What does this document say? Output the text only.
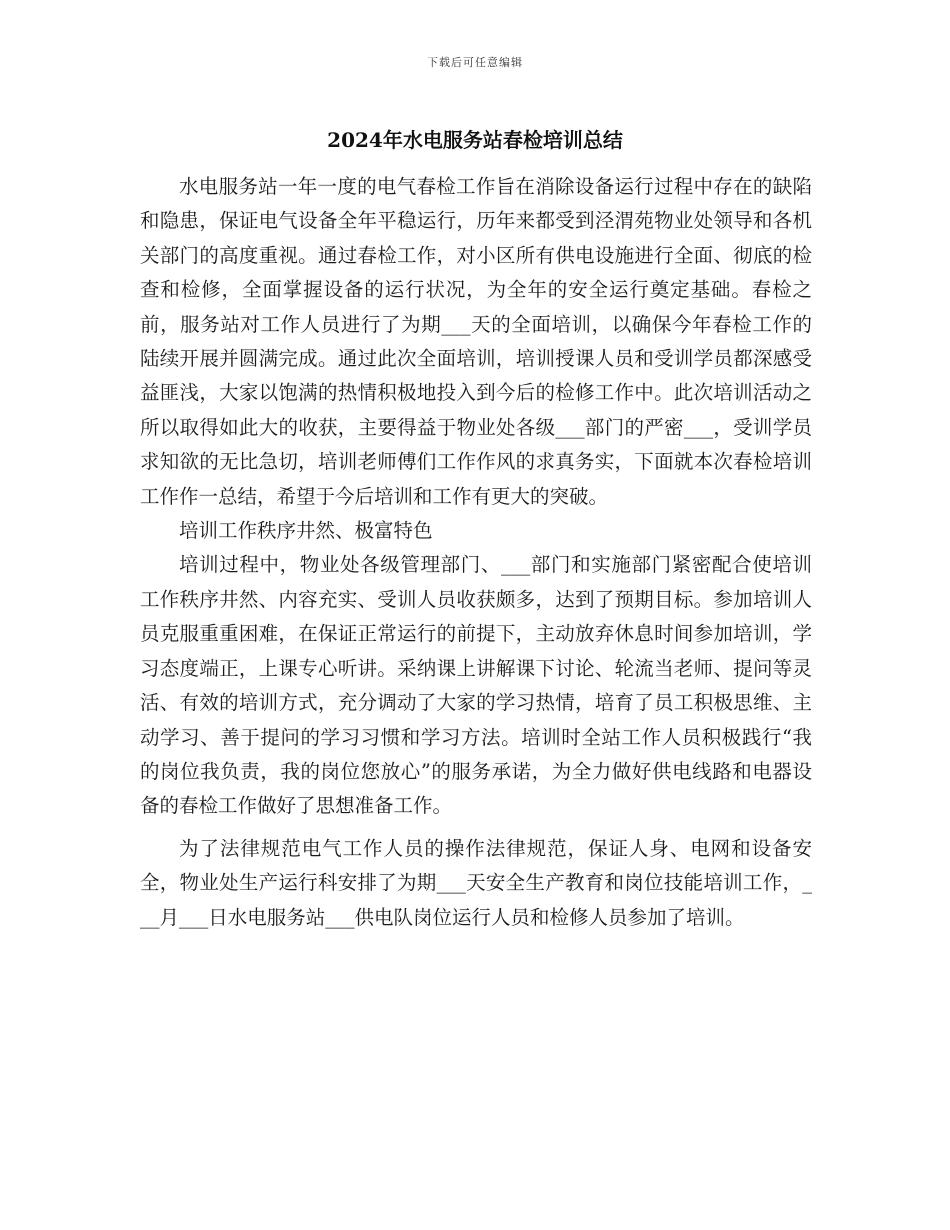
下载后可任意编辑
2024年水电服务站春检培训总结

水电服务站一年一度的电气春检工作旨在消除设备运行过程中存在的缺陷和隐患，保证电气设备全年平稳运行，历年来都受到泾渭苑物业处领导和各机关部门的高度重视。通过春检工作，对小区所有供电设施进行全面、彻底的检查和检修，全面掌握设备的运行状况，为全年的安全运行奠定基础。春检之前，服务站对工作人员进行了为期___天的全面培训，以确保今年春检工作的陆续开展并圆满完成。通过此次全面培训，培训授课人员和受训学员都深感受益匪浅，大家以饱满的热情积极地投入到今后的检修工作中。此次培训活动之所以取得如此大的收获，主要得益于物业处各级___部门的严密___，受训学员求知欲的无比急切，培训老师傅们工作作风的求真务实，下面就本次春检培训工作作一总结，希望于今后培训和工作有更大的突破。

培训工作秩序井然、极富特色

培训过程中，物业处各级管理部门、___部门和实施部门紧密配合使培训工作秩序井然、内容充实、受训人员收获颇多，达到了预期目标。参加培训人员克服重重困难，在保证正常运行的前提下，主动放弃休息时间参加培训，学习态度端正，上课专心听讲。采纳课上讲解课下讨论、轮流当老师、提问等灵活、有效的培训方式，充分调动了大家的学习热情，培育了员工积极思维、主动学习、善于提问的学习习惯和学习方法。培训时全站工作人员积极践行“我的岗位我负责，我的岗位您放心”的服务承诺，为全力做好供电线路和电器设备的春检工作做好了思想准备工作。

为了法律规范电气工作人员的操作法律规范，保证人身、电网和设备安全，物业处生产运行科安排了为期___天安全生产教育和岗位技能培训工作，___月___日水电服务站___供电队岗位运行人员和检修人员参加了培训。
